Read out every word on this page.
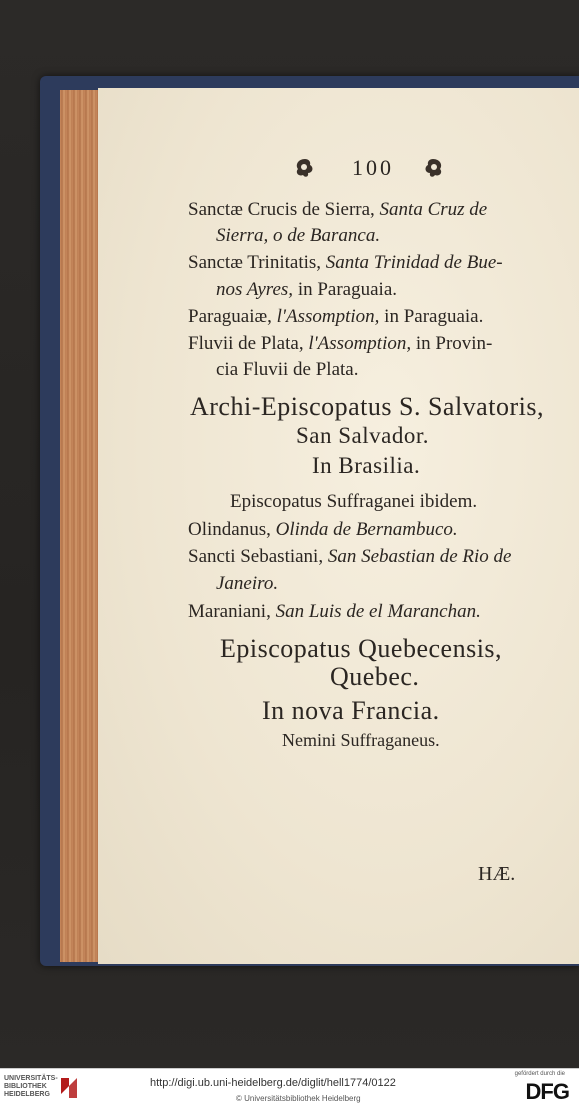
100
Sanctæ Crucis de Sierra, Santa Cruz de
Sierra, o de Baranca.
Sanctæ Trinitatis, Santa Trinidad de Bue-
nos Ayres, in Paraguaia.
Paraguaiæ, l'Assomption, in Paraguaia.
Fluvii de Plata, l'Assomption, in Provin-
cia Fluvii de Plata.
Archi-Episcopatus S. Salvatoris,
San Salvador.
In Brasilia.
Episcopatus Suffraganei ibidem.
Olindanus, Olinda de Bernambuco.
Sancti Sebastiani, San Sebastian de Rio de
Janeiro.
Maraniani, San Luis de el Maranchan.
Episcopatus Quebecensis,
Quebec.
In nova Francia.
Nemini Suffraganeus.
HÆ.
UNIVERSITÄTS-
BIBLIOTHEK
HEIDELBERG
http://digi.ub.uni-heidelberg.de/diglit/hell1774/0122
© Universitätsbibliothek Heidelberg
gefördert durch die
DFG
